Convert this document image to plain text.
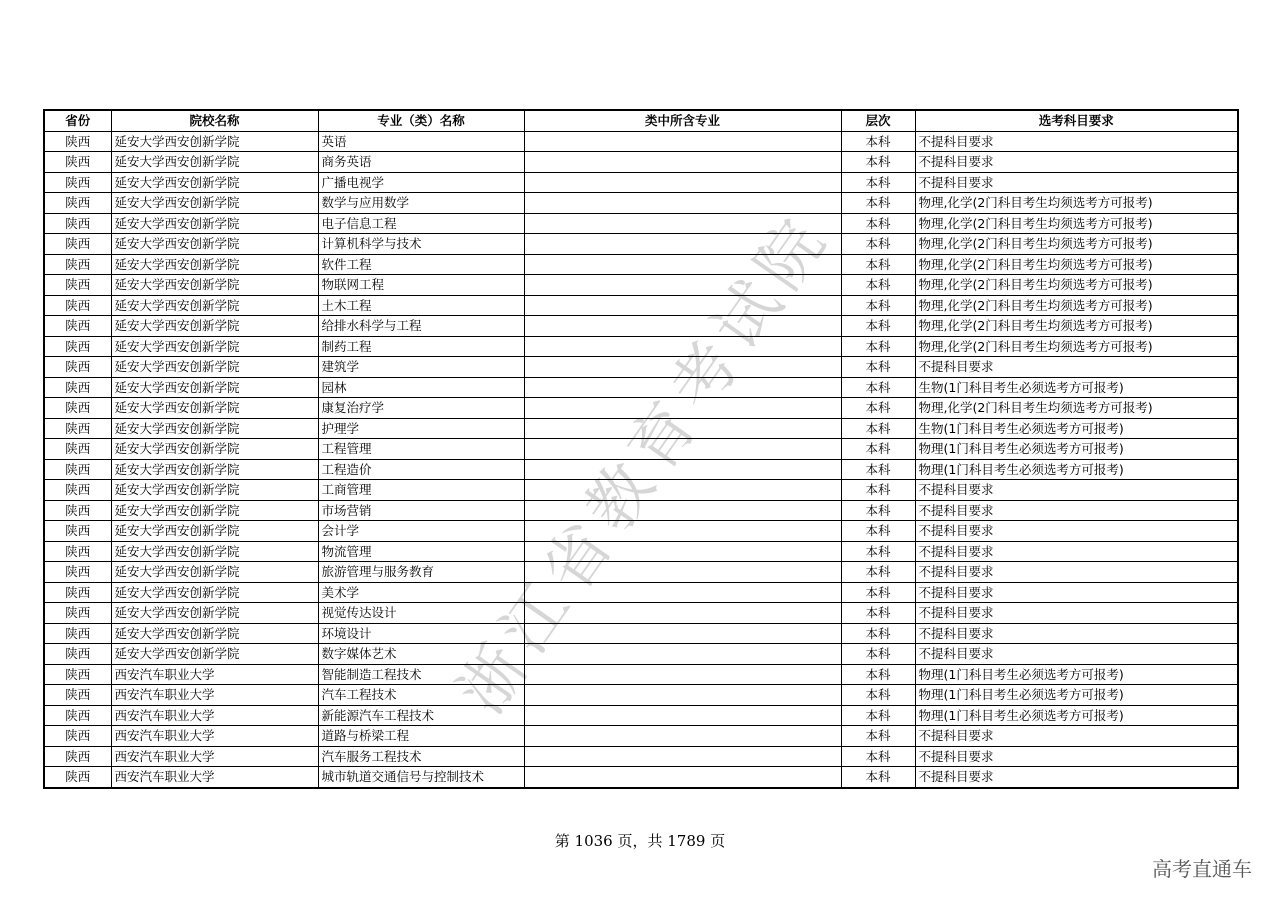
省份	院校名称	专业（类）名称	类中所含专业	层次	选考科目要求
陕西	延安大学西安创新学院	英语		本科	不提科目要求
陕西	延安大学西安创新学院	商务英语		本科	不提科目要求
陕西	延安大学西安创新学院	广播电视学		本科	不提科目要求
陕西	延安大学西安创新学院	数学与应用数学		本科	物理,化学(2门科目考生均须选考方可报考)
陕西	延安大学西安创新学院	电子信息工程		本科	物理,化学(2门科目考生均须选考方可报考)
陕西	延安大学西安创新学院	计算机科学与技术		本科	物理,化学(2门科目考生均须选考方可报考)
陕西	延安大学西安创新学院	软件工程		本科	物理,化学(2门科目考生均须选考方可报考)
陕西	延安大学西安创新学院	物联网工程		本科	物理,化学(2门科目考生均须选考方可报考)
陕西	延安大学西安创新学院	土木工程		本科	物理,化学(2门科目考生均须选考方可报考)
陕西	延安大学西安创新学院	给排水科学与工程		本科	物理,化学(2门科目考生均须选考方可报考)
陕西	延安大学西安创新学院	制药工程		本科	物理,化学(2门科目考生均须选考方可报考)
陕西	延安大学西安创新学院	建筑学		本科	不提科目要求
陕西	延安大学西安创新学院	园林		本科	生物(1门科目考生必须选考方可报考)
陕西	延安大学西安创新学院	康复治疗学		本科	物理,化学(2门科目考生均须选考方可报考)
陕西	延安大学西安创新学院	护理学		本科	生物(1门科目考生必须选考方可报考)
陕西	延安大学西安创新学院	工程管理		本科	物理(1门科目考生必须选考方可报考)
陕西	延安大学西安创新学院	工程造价		本科	物理(1门科目考生必须选考方可报考)
陕西	延安大学西安创新学院	工商管理		本科	不提科目要求
陕西	延安大学西安创新学院	市场营销		本科	不提科目要求
陕西	延安大学西安创新学院	会计学		本科	不提科目要求
陕西	延安大学西安创新学院	物流管理		本科	不提科目要求
陕西	延安大学西安创新学院	旅游管理与服务教育		本科	不提科目要求
陕西	延安大学西安创新学院	美术学		本科	不提科目要求
陕西	延安大学西安创新学院	视觉传达设计		本科	不提科目要求
陕西	延安大学西安创新学院	环境设计		本科	不提科目要求
陕西	延安大学西安创新学院	数字媒体艺术		本科	不提科目要求
陕西	西安汽车职业大学	智能制造工程技术		本科	物理(1门科目考生必须选考方可报考)
陕西	西安汽车职业大学	汽车工程技术		本科	物理(1门科目考生必须选考方可报考)
陕西	西安汽车职业大学	新能源汽车工程技术		本科	物理(1门科目考生必须选考方可报考)
陕西	西安汽车职业大学	道路与桥梁工程		本科	不提科目要求
陕西	西安汽车职业大学	汽车服务工程技术		本科	不提科目要求
陕西	西安汽车职业大学	城市轨道交通信号与控制技术		本科	不提科目要求
浙江省教育考试院
第 1036 页，共 1789 页
高考直通车
